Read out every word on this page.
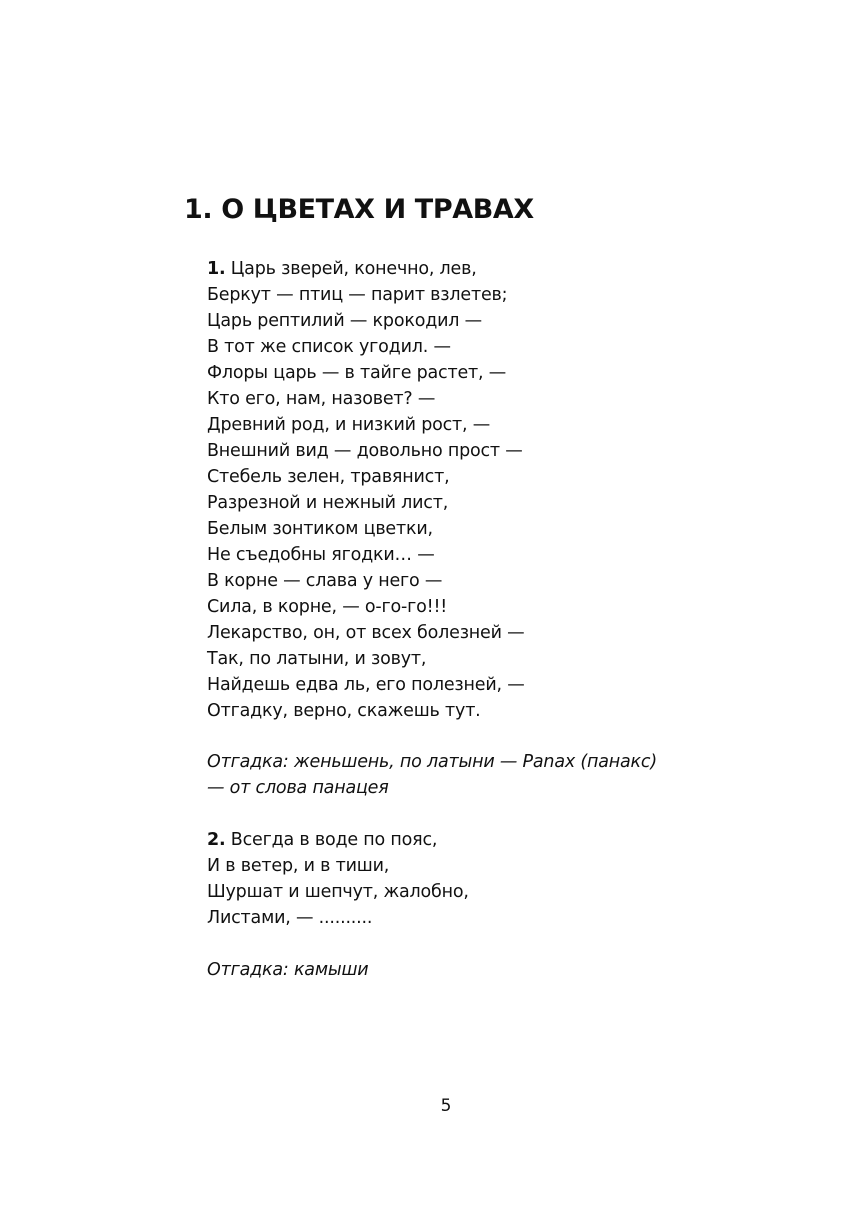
1. О ЦВЕТАХ И ТРАВАХ
1. Царь зверей, конечно, лев,
Беркут — птиц — парит взлетев;
Царь рептилий — крокодил —
В тот же список угодил. —
Флоры царь — в тайге растет, —
Кто его, нам, назовет? —
Древний род, и низкий рост, —
Внешний вид — довольно прост —
Стебель зелен, травянист,
Разрезной и нежный лист,
Белым зонтиком цветки,
Не съедобны ягодки… —
В корне — слава у него —
Сила, в корне, — о-го-го!!!
Лекарство, он, от всех болезней —
Так, по латыни, и зовут,
Найдешь едва ль, его полезней, —
Отгадку, верно, скажешь тут.

Отгадка: женьшень, по латыни — Panax (панакс)
— от слова панацея

2. Всегда в воде по пояс,
И в ветер, и в тиши,
Шуршат и шепчут, жалобно,
Листами, — ..........

Отгадка: камыши

5
